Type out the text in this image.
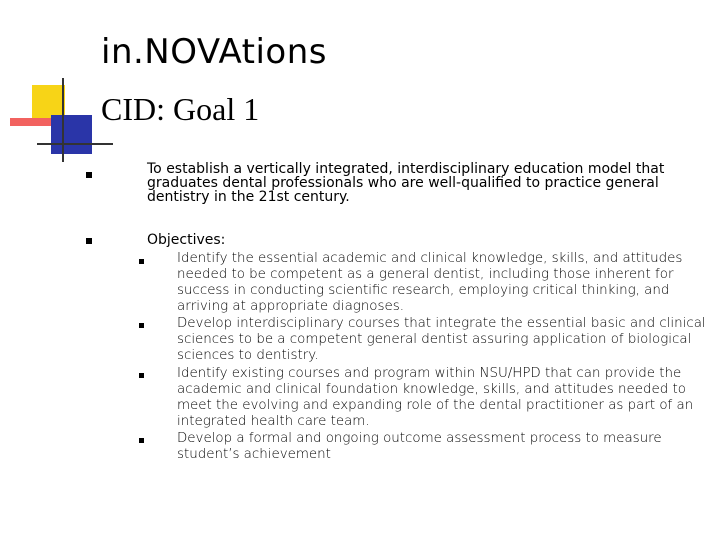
in.NOVAtions
CID: Goal 1
To establish a vertically integrated, interdisciplinary education model that graduates dental professionals who are well-qualified to practice general dentistry in the 21st century.
Objectives:
Identify the essential academic and clinical knowledge, skills, and attitudes needed to be competent as a general dentist, including those inherent for success in conducting scientific research, employing critical thinking, and arriving at appropriate diagnoses.
Develop interdisciplinary courses that integrate the essential basic and clinical sciences to be a competent general dentist assuring application of biological sciences to dentistry.
Identify existing courses and program within NSU/HPD that can provide the academic and clinical foundation knowledge, skills, and attitudes needed to meet the evolving and expanding role of the dental practitioner as part of an integrated health care team.
Develop a formal and ongoing outcome assessment process to measure student’s achievement
